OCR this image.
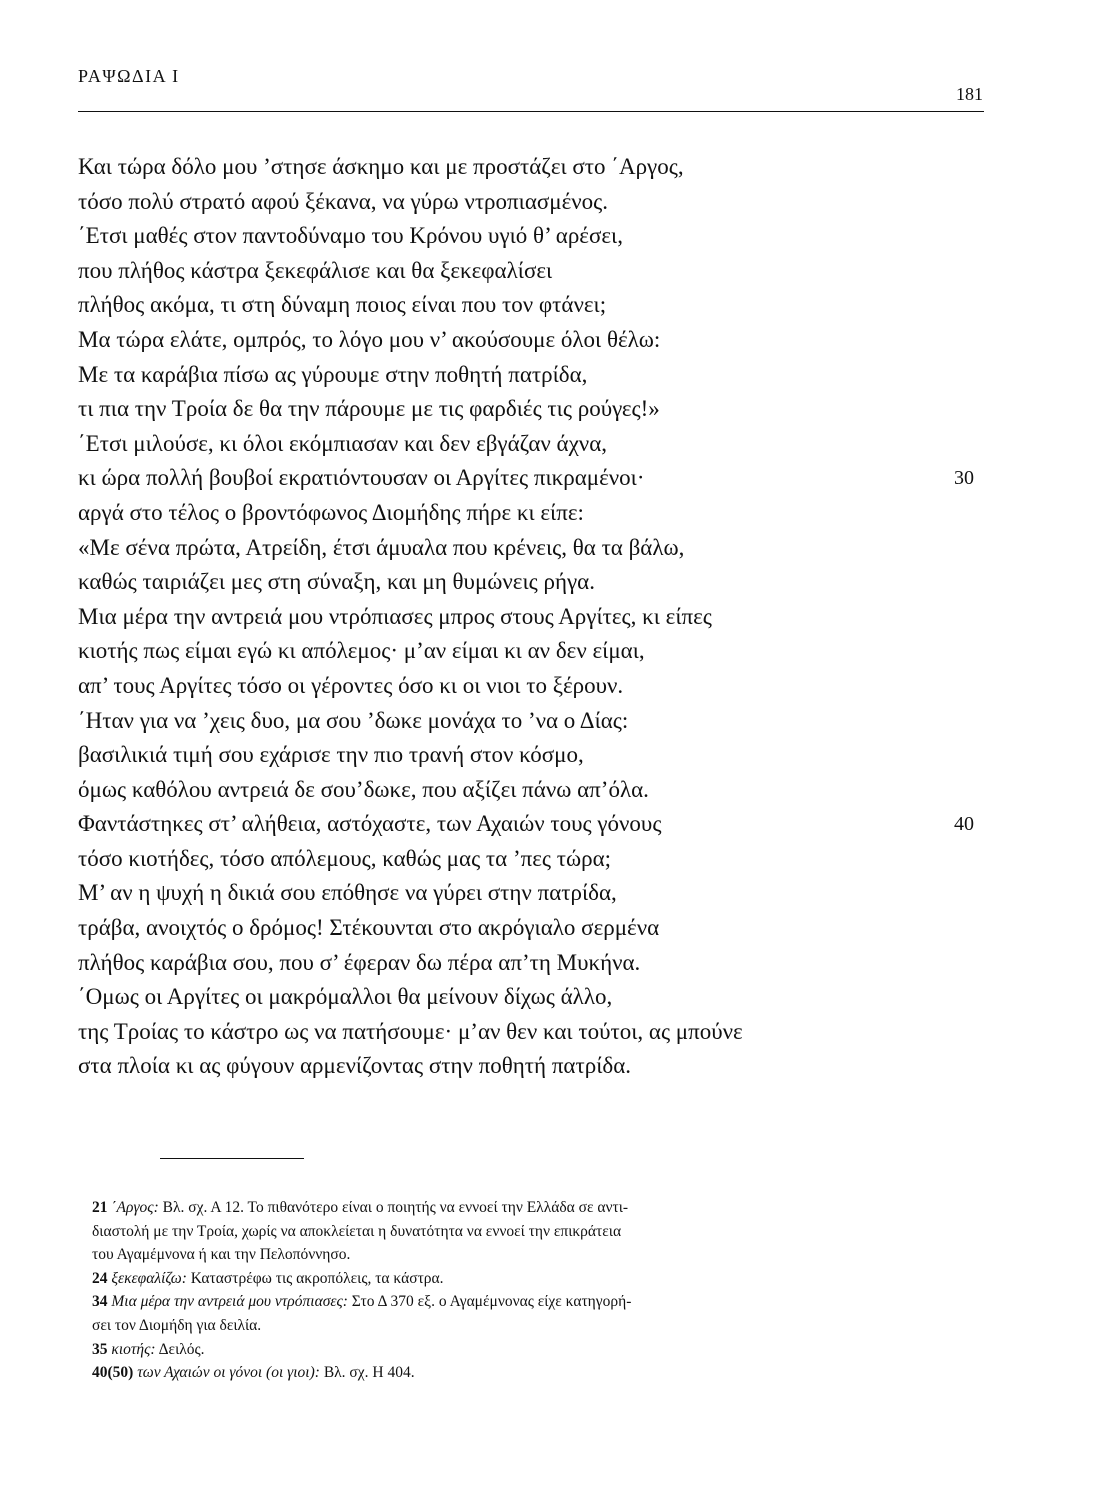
ΡΑΨΩΔΙΑ Ι
181
Και τώρα δόλο μου ’στησε άσκημο και με προστάζει στο ΄Αργος,
τόσο πολύ στρατό αφού ξέκανα, να γύρω ντροπιασμένος.
΄Ετσι μαθές στον παντοδύναμο του Κρόνου υγιό θ’ αρέσει,
που πλήθος κάστρα ξεκεφάλισε και θα ξεκεφαλίσει
πλήθος ακόμα, τι στη δύναμη ποιος είναι που τον φτάνει;
Μα τώρα ελάτε, ομπρός, το λόγο μου ν’ ακούσουμε όλοι θέλω:
Με τα καράβια πίσω ας γύρουμε στην ποθητή πατρίδα,
τι πια την Τροία δε θα την πάρουμε με τις φαρδιές τις ρούγες!»
΄Ετσι μιλούσε, κι όλοι εκόμπιασαν και δεν εβγάζαν άχνα,
κι ώρα πολλή βουβοί εκρατιόντουσαν οι Αργίτες πικραμένοι·	30
αργά στο τέλος ο βροντόφωνος Διομήδης πήρε κι είπε:
«Με σένα πρώτα, Ατρείδη, έτσι άμυαλα που κρένεις, θα τα βάλω,
καθώς ταιριάζει μες στη σύναξη, και μη θυμώνεις ρήγα.
Μια μέρα την αντρειά μου ντρόπιασες μπρος στους Αργίτες, κι είπες
κιοτής πως είμαι εγώ κι απόλεμος· μ’αν είμαι κι αν δεν είμαι,
απ’ τους Αργίτες τόσο οι γέροντες όσο κι οι νιοι το ξέρουν.
΄Ηταν για να ’χεις δυο, μα σου ’δωκε μονάχα το ’να ο Δίας:
βασιλικιά τιμή σου εχάρισε την πιο τρανή στον κόσμο,
όμως καθόλου αντρειά δε σου’δωκε, που αξίζει πάνω απ’όλα.
Φαντάστηκες στ’ αλήθεια, αστόχαστε, των Αχαιών τους γόνους	40
τόσο κιοτήδες, τόσο απόλεμους, καθώς μας τα ’πες τώρα;
Μ’ αν η ψυχή η δικιά σου επόθησε να γύρει στην πατρίδα,
τράβα, ανοιχτός ο δρόμος! Στέκουνται στο ακρόγιαλο σερμένα
πλήθος καράβια σου, που σ’ έφεραν δω πέρα απ’τη Μυκήνα.
΄Ομως οι Αργίτες οι μακρόμαλλοι θα μείνουν δίχως άλλο,
της Τροίας το κάστρο ως να πατήσουμε· μ’αν θεν και τούτοι, ας μπούνε
στα πλοία κι ας φύγουν αρμενίζοντας στην ποθητή πατρίδα.
21 ΄Αργος: Βλ. σχ. Α 12. Το πιθανότερο είναι ο ποιητής να εννοεί την Ελλάδα σε αντι-
διαστολή με την Τροία, χωρίς να αποκλείεται η δυνατότητα να εννοεί την επικράτεια
του Αγαμέμνονα ή και την Πελοπόννησο.
24 ξεκεφαλίζω: Καταστρέφω τις ακροπόλεις, τα κάστρα.
34 Μια μέρα την αντρειά μου ντρόπιασες: Στο Δ 370 εξ. ο Αγαμέμνονας είχε κατηγορή-
σει τον Διομήδη για δειλία.
35 κιοτής: Δειλός.
40(50) των Αχαιών οι γόνοι (οι γιοι): Βλ. σχ. Η 404.
